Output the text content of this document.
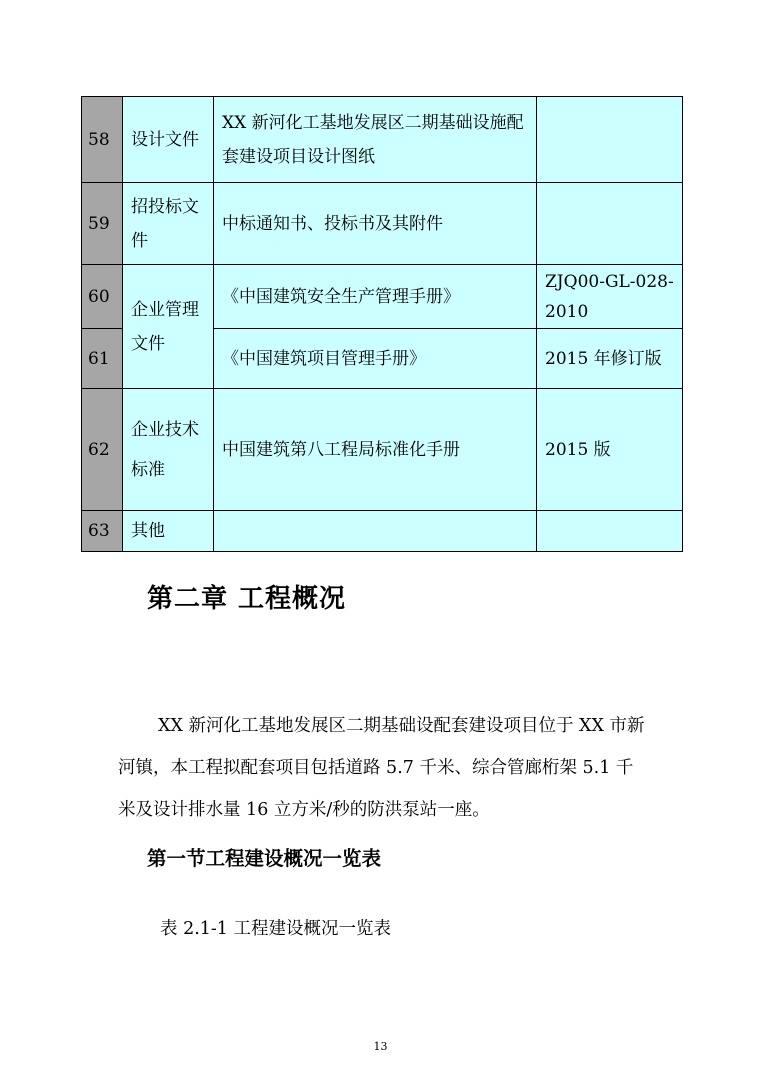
58	设计文件	XX 新河化工基地发展区二期基础设施配套建设项目设计图纸	
59	招投标文件	中标通知书、投标书及其附件	
60	企业管理文件	《中国建筑安全生产管理手册》	ZJQ00-GL-028-2010
61		《中国建筑项目管理手册》	2015 年修订版
62	企业技术标准	中国建筑第八工程局标准化手册	2015 版
63	其他		
第二章 工程概况

XX 新河化工基地发展区二期基础设配套建设项目位于 XX 市新河镇，本工程拟配套项目包括道路 5.7 千米、综合管廊桁架 5.1 千米及设计排水量 16 立方米/秒的防洪泵站一座。

第一节工程建设概况一览表

表 2.1-1 工程建设概况一览表

13
